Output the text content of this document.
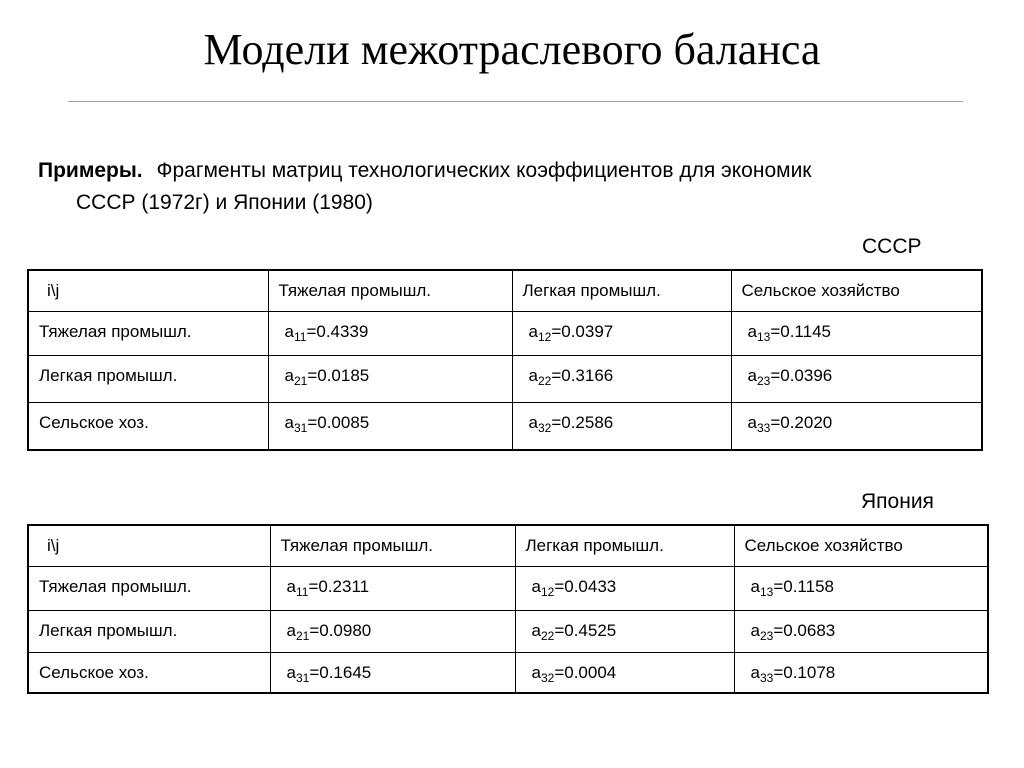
Модели межотраслевого баланса
Примеры. Фрагменты матриц технологических коэффициентов для экономик
СССР (1972г) и Японии (1980)
СССР
i\j	Тяжелая промышл.	Легкая промышл.	Сельское хозяйство

Тяжелая промышл.	$a_{11}=0.4339$	$a_{12}=0.0397$	$a_{13}=0.1145$

Легкая промышл.	$a_{21}=0.0185$	$a_{22}=0.3166$	$a_{23}=0.0396$

Сельское хоз.	$a_{31}=0.0085$	$a_{32}=0.2586$	$a_{33}=0.2020$
Япония
i\j	Тяжелая промышл.	Легкая промышл.	Сельское хозяйство

Тяжелая промышл.	$a_{11}=0.2311$	$a_{12}=0.0433$	$a_{13}=0.1158$

Легкая промышл.	$a_{21}=0.0980$	$a_{22}=0.4525$	$a_{23}=0.0683$

Сельское хоз.	$a_{31}=0.1645$	$a_{32}=0.0004$	$a_{33}=0.1078$
